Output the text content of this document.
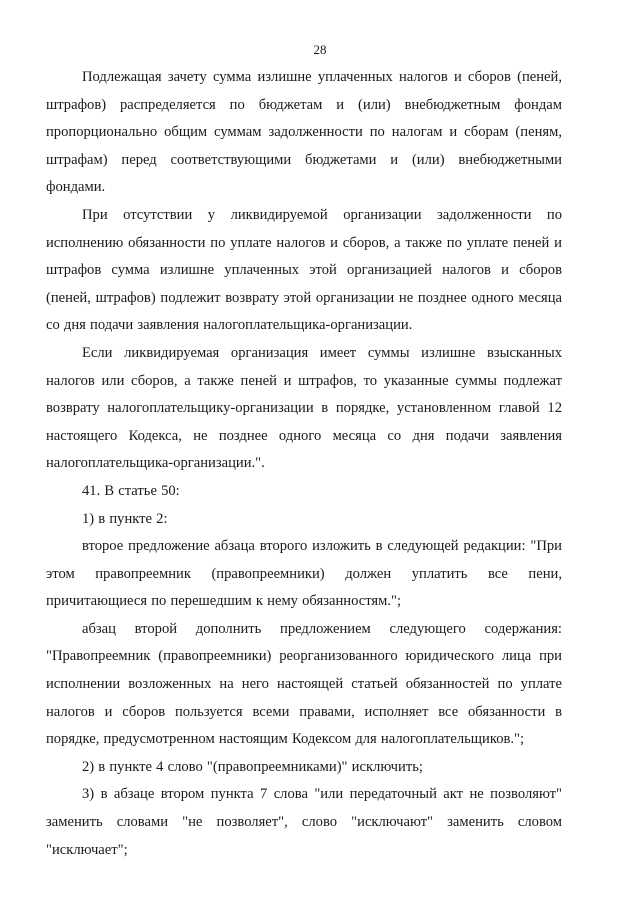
28

Подлежащая зачету сумма излишне уплаченных налогов и сборов (пеней, штрафов) распределяется по бюджетам и (или) внебюджетным фондам пропорционально общим суммам задолженности по налогам и сборам (пеням, штрафам) перед соответствующими бюджетами и (или) внебюджетными фондами.

При отсутствии у ликвидируемой организации задолженности по исполнению обязанности по уплате налогов и сборов, а также по уплате пеней и штрафов сумма излишне уплаченных этой организацией налогов и сборов (пеней, штрафов) подлежит возврату этой организации не позднее одного месяца со дня подачи заявления налогоплательщика-организации.

Если ликвидируемая организация имеет суммы излишне взысканных налогов или сборов, а также пеней и штрафов, то указанные суммы подлежат возврату налогоплательщику-организации в порядке, установленном главой 12 настоящего Кодекса, не позднее одного месяца со дня подачи заявления налогоплательщика-организации.".

41. В статье 50:

1) в пункте 2:

второе предложение абзаца второго изложить в следующей редакции: "При этом правопреемник (правопреемники) должен уплатить все пени, причитающиеся по перешедшим к нему обязанностям.";

абзац второй дополнить предложением следующего содержания: "Правопреемник (правопреемники) реорганизованного юридического лица при исполнении возложенных на него настоящей статьей обязанностей по уплате налогов и сборов пользуется всеми правами, исполняет все обязанности в порядке, предусмотренном настоящим Кодексом для налогоплательщиков.";

2) в пункте 4 слово "(правопреемниками)" исключить;

3) в абзаце втором пункта 7 слова "или передаточный акт не позволяют" заменить словами "не позволяет", слово "исключают" заменить словом "исключает";
